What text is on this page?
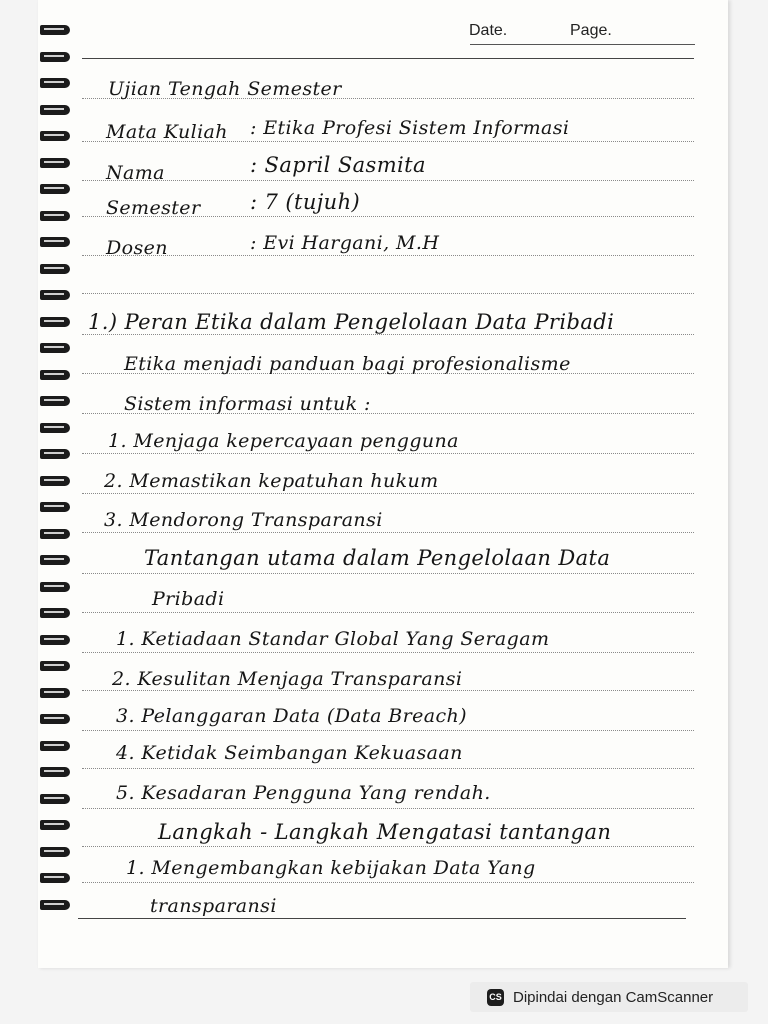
Date.	Page.
Ujian Tengah Semester
Mata Kuliah : Etika Profesi Sistem Informasi
Nama	: Sapril Sasmita
Semester : 7 (tujuh)
Dosen	: Evi Hargani, M.H
1.) Peran Etika dalam Pengelolaan Data Pribadi
Etika menjadi panduan bagi profesionalisme
Sistem informasi untuk :
1. Menjaga kepercayaan pengguna
2. Memastikan kepatuhan hukum
3. Mendorong Transparansi
Tantangan utama dalam Pengelolaan Data
Pribadi
1. Ketiadaan Standar Global Yang Seragam
2. Kesulitan Menjaga Transparansi
3. Pelanggaran Data (Data Breach)
4. Ketidak Seimbangan Kekuasaan
5. Kesadaran Pengguna Yang rendah.
Langkah - Langkah Mengatasi tantangan
1. Mengembangkan kebijakan Data Yang
transparansi
CS Dipindai dengan CamScanner
